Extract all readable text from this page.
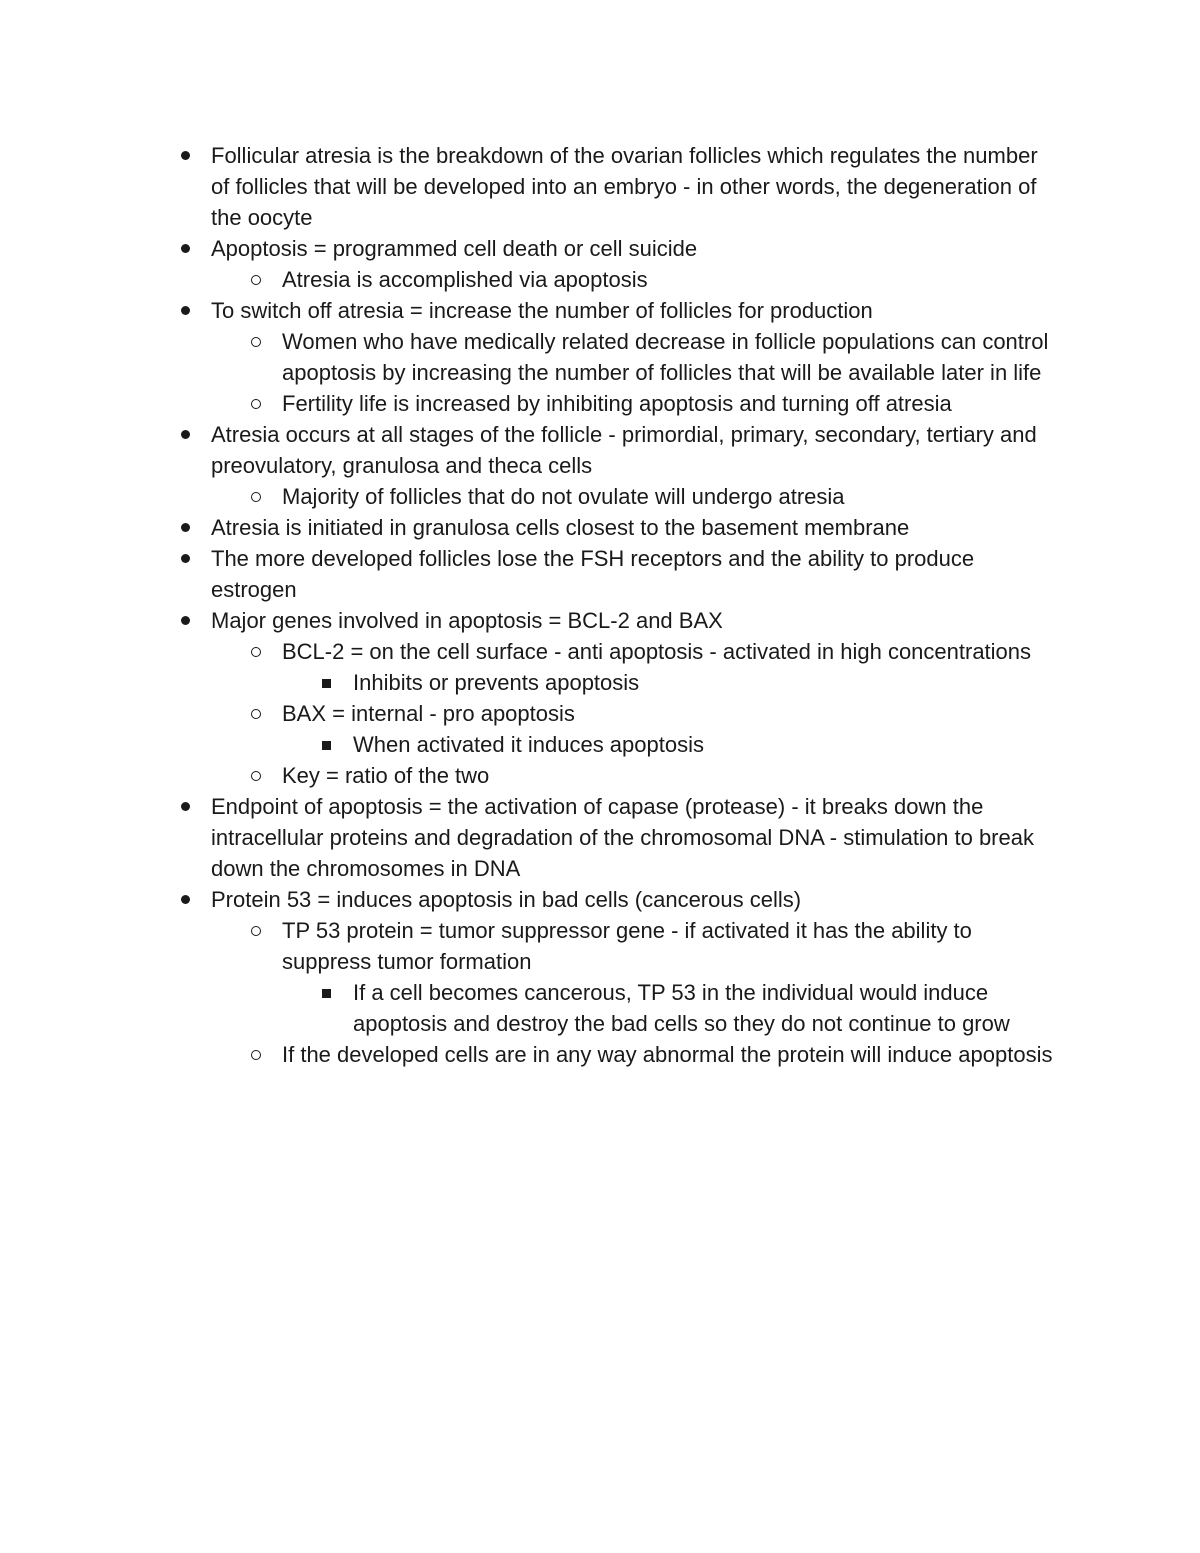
Follicular atresia is the breakdown of the ovarian follicles which regulates the number of follicles that will be developed into an embryo - in other words, the degeneration of the oocyte
Apoptosis = programmed cell death or cell suicide
Atresia is accomplished via apoptosis
To switch off atresia = increase the number of follicles for production
Women who have medically related decrease in follicle populations can control apoptosis by increasing the number of follicles that will be available later in life
Fertility life is increased by inhibiting apoptosis and turning off atresia
Atresia occurs at all stages of the follicle - primordial, primary, secondary, tertiary and preovulatory, granulosa and theca cells
Majority of follicles that do not ovulate will undergo atresia
Atresia is initiated in granulosa cells closest to the basement membrane
The more developed follicles lose the FSH receptors and the ability to produce estrogen
Major genes involved in apoptosis = BCL-2 and BAX
BCL-2 = on the cell surface - anti apoptosis - activated in high concentrations
Inhibits or prevents apoptosis
BAX = internal - pro apoptosis
When activated it induces apoptosis
Key = ratio of the two
Endpoint of apoptosis = the activation of capase (protease) - it breaks down the intracellular proteins and degradation of the chromosomal DNA - stimulation to break down the chromosomes in DNA
Protein 53 = induces apoptosis in bad cells (cancerous cells)
TP 53 protein = tumor suppressor gene - if activated it has the ability to suppress tumor formation
If a cell becomes cancerous, TP 53 in the individual would induce apoptosis and destroy the bad cells so they do not continue to grow
If the developed cells are in any way abnormal the protein will induce apoptosis
